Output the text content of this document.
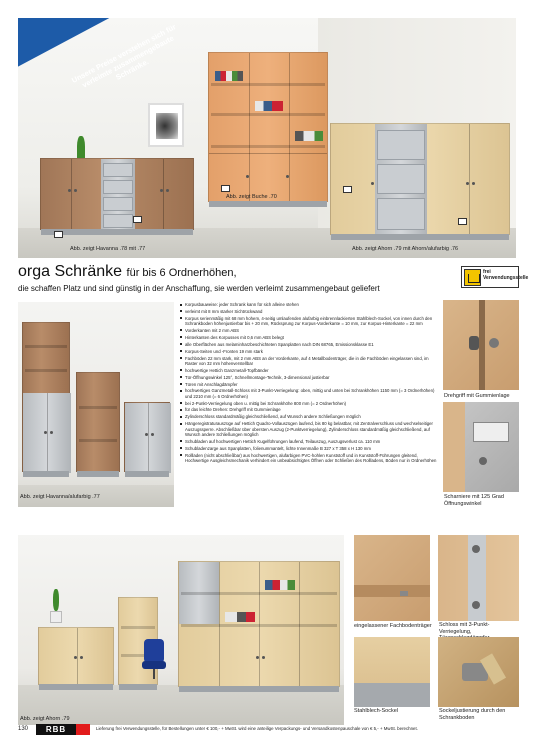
Unsere Preise verstehen sich für verleimte zusammengebaute Schränke.
Abb. zeigt Buche .70
Abb. zeigt Havanna .78 mit .77	Abb. zeigt Ahorn .79 mit Ahorn/alufarbig .76
orga Schränke für bis 6 Ordnerhöhen,
die schaffen Platz und sind günstig in der Anschaffung, sie werden verleimt zusammengebaut geliefert
frei Verwendungsstelle
Abb. zeigt Havanna/alufarbig .77
Korpusbauweise: jeder Schrank kann für sich alleine stehen
verleimt mit 8 mm starker Sichtrückwand
Korpus serienmäßig mit 68 mm hohem, 4-seitig umlaufenden alufarbig einbrennlackierten Stahlblech-Sockel, von innen durch den Schrankboden höhenjustierbar bis + 20 mm, Rücksprung zur Korpus-Vorderkante = 10 mm, zur Korpus-Hinterkante = 22 mm
Vorderkanten mit 2 mm ABS
Hinterkanten des Korpusses mit 0,6 mm ABS belegt
alle Oberflächen aus melaminharzbeschichteten Spanplatten nach DIN 68765, Emissionsklasse E1
Korpus-Seiten und -Fronten 19 mm stark
Fachböden 22 mm stark, mit 2 mm ABS an der Vorderkante, auf 4 Metallbodenträger, die in die Fachböden eingelassen sind, im Raster von 32 mm höhenverstellbar
hochwertige Hettich Ganzmetall-Topfbänder
Tür-Öffnungswinkel 125°, Schnellmontage-Technik, 3-dimensional justierbar
Türen mit Anschlagdämpfer
hochwertiges Ganzmetall-Schloss mit 3-Punkt-Verriegelung: oben, mittig und unten bei Schrankhöhen 1150 mm (= 3 Ordnerhöhen) und 2210 mm (= 6 Ordnerhöhen)
bei 2-Punkt-Verriegelung oben u. mittig bei Schrankhöhe 800 mm (= 2 Ordnerhöhen)
für das leichte Drehen: Drehgriff mit Gummienlage
Zylinderschloss standardmäßig gleichschließend, auf Wunsch andere Schließungen möglich
Hängeregistraturauszüge auf Hettich Quadro-Vollauszügen laufend, bis 80 kg belastbar, mit Zentralverschluss und wechselseitiger Auszugssperre. Abschließbar über obersten Auszug (2-Punktverriegelung), Zylinderschloss standardmäßig gleichschließend, auf Wunsch andere Schließungen möglich
Schubladen auf hochwertigen Hettich Kugelführungen laufend, Teilauszug, Auszugsverlust ca. 110 mm
Schubladenzarge aus Spanplatten, folienummantelt, lichte Innenmaße B 327 x T 358 x H 130 mm
Rollladen (nicht abschließbar) aus hochwertigen, alufarbigen PVC-hohlen Kunststoff und in Kunststoff-Führungen gleitend, Hochwertige Ausgleichsmechanik verhindert ein unbeabsichtigtes Öffnen oder Schließen des Rollladens, Böden nur in Ordnerhöhen
Drehgriff mit Gummienlage
Scharniere mit 125 Grad Öffnungswinkel
Abb. zeigt Ahorn .79
eingelassener Fachbodenträger Schloss mit 3-Punkt-Verriegelung,
Stahlblech-Sockel	Sockeljustierung durch den Schrankboden
130	RBB	Lieferung frei Verwendungsstelle, für Bestellungen unter € 100,- + MwSt. wird eine anteilige Verpackungs- und Versandkostenpauschale von € 5,- + MwSt. berechnet.
